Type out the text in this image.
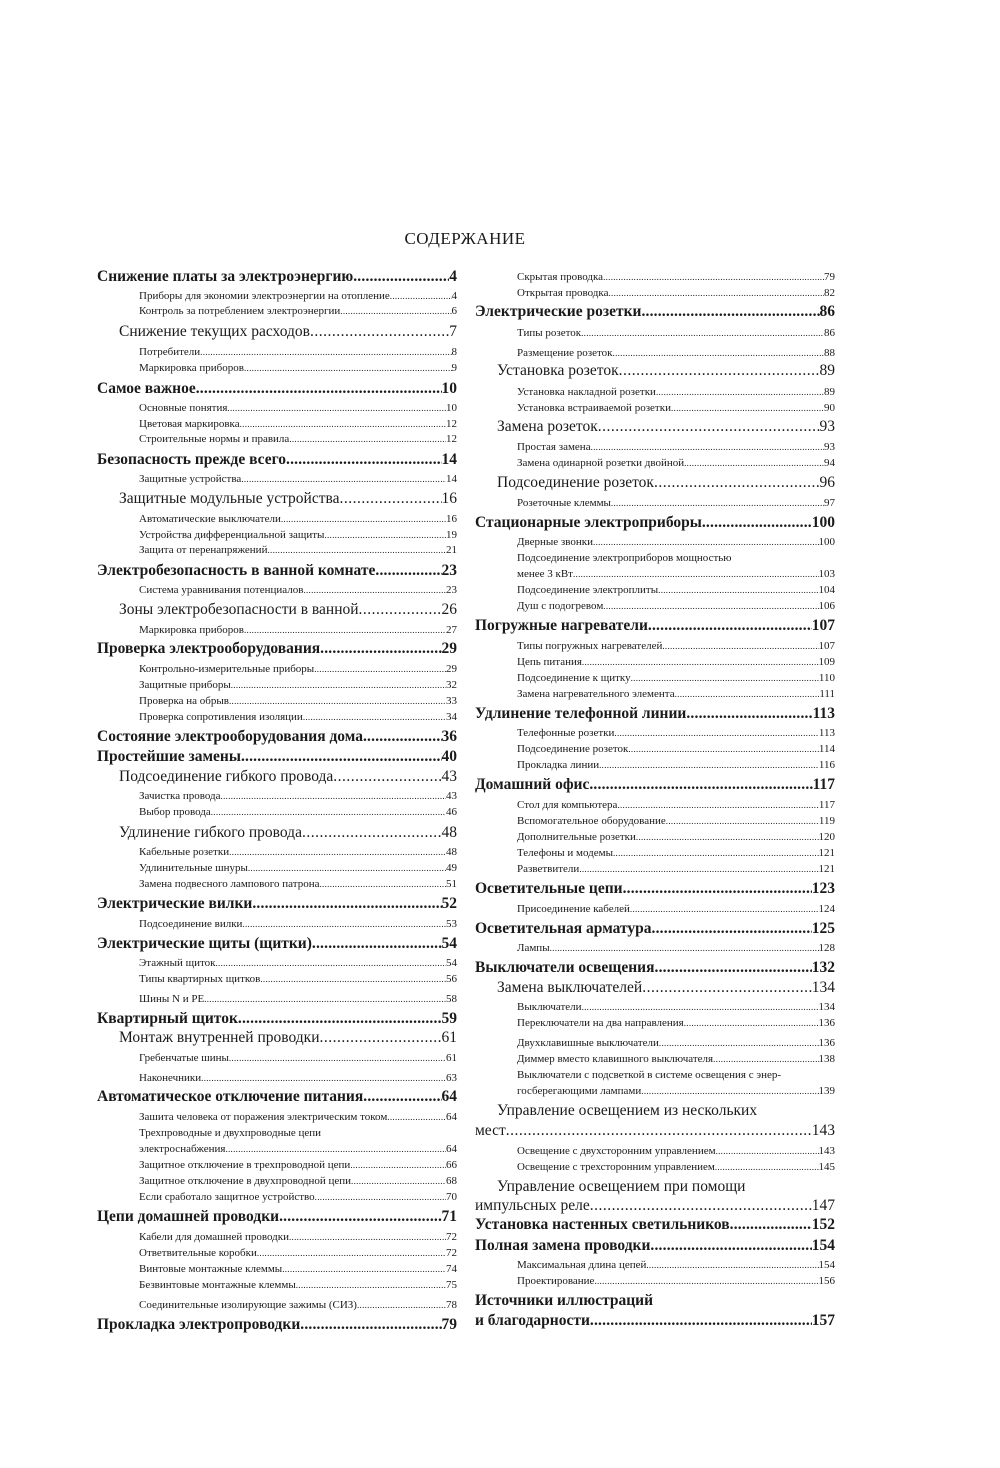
СОДЕРЖАНИЕ
Снижение платы за электроэнергию .....	4
Приборы для экономии электроэнергии на отопление .....	4
Контроль за потреблением электроэнергии .....	6
Снижение текущих расходов .....	7
Потребители .....	8
Маркировка приборов .....	9
Самое важное .....	10
Основные понятия .....	10
Цветовая маркировка .....	12
Строительные нормы и правила .....	12
Безопасность прежде всего .....	14
Защитные устройства .....	14
Защитные модульные устройства .....	16
Автоматические выключатели .....	16
Устройства дифференциальной защиты .....	19
Защита от перенапряжений .....	21
Электробезопасность в ванной комнате .....	23
Система уравнивания потенциалов .....	23
Зоны электробезопасности в ванной .....	26
Маркировка приборов .....	27
Проверка электрооборудования .....	29
Контрольно-измерительные приборы .....	29
Защитные приборы .....	32
Проверка на обрыв .....	33
Проверка сопротивления изоляции .....	34
Состояние электрооборудования дома .....	36
Простейшие замены .....	40
Подсоединение гибкого провода .....	43
Зачистка провода .....	43
Выбор провода .....	46
Удлинение гибкого провода .....	48
Кабельные розетки .....	48
Удлинительные шнуры .....	49
Замена подвесного лампового патрона .....	51
Электрические вилки .....	52
Подсоединение вилки .....	53
Электрические щиты (щитки) .....	54
Этажный щиток .....	54
Типы квартирных щитков .....	56
Шины N и PE .....	58
Квартирный щиток .....	59
Монтаж внутренней проводки .....	61
Гребенчатые шины .....	61
Наконечники .....	63
Автоматическое отключение питания .....	64
Зашита человека от поражения электрическим током .....	64
Трехпроводные и двухпроводные цепи
электроснабжения .....	64
Защитное отключение в трехпроводной цепи .....	66
Защитное отключение в двухпроводной цепи .....	68
Если сработало защитное устройство .....	70
Цепи домашней проводки .....	71
Кабели для домашней проводки .....	72
Ответвительные коробки .....	72
Винтовые монтажные клеммы .....	74
Безвинтовые монтажные клеммы .....	75
Соединительные изолирующие зажимы (СИЗ) .....	78
Прокладка электропроводки .....	79
Скрытая проводка .....	79
Открытая проводка .....	82
Электрические розетки .....	86
Типы розеток .....	86
Размещение розеток .....	88
Установка розеток .....	89
Установка накладной розетки .....	89
Установка встраиваемой розетки .....	90
Замена розеток .....	93
Простая замена .....	93
Замена одинарной розетки двойной .....	94
Подсоединение розеток .....	96
Розеточные клеммы .....	97
Стационарные электроприборы .....	100
Дверные звонки .....	100
Подсоединение электроприборов мощностью
менее 3 кВт .....	103
Подсоединение электроплиты .....	104
Душ с подогревом .....	106
Погружные нагреватели .....	107
Типы погружных нагревателей .....	107
Цепь питания .....	109
Подсоединение к щитку .....	110
Замена нагревательного элемента .....	111
Удлинение телефонной линии .....	113
Телефонные розетки .....	113
Подсоединение розеток .....	114
Прокладка линии .....	116
Домашний офис .....	117
Стол для компьютера .....	117
Вспомогательное оборудование .....	119
Дополнительные розетки .....	120
Телефоны и модемы .....	121
Разветвители .....	121
Осветительные цепи .....	123
Присоединение кабелей .....	124
Осветительная арматура .....	125
Лампы .....	128
Выключатели освещения .....	132
Замена выключателей .....	134
Выключатели .....	134
Переключатели на два направления .....	136
Двухклавишные выключатели .....	136
Диммер вместо клавишного выключателя .....	138
Выключатели с подсветкой в системе освещения с энер-
госберегающими лампами .....	139
Управление освещением из нескольких
мест .....	143
Освещение с двухсторонним управлением .....	143
Освещение с трехсторонним управлением .....	145
Управление освещением при помощи
импульсных реле .....	147
Установка настенных светильников .....	152
Полная замена проводки .....	154
Максимальная длина цепей .....	154
Проектирование .....	156
Источники иллюстраций
и благодарности .....	157
